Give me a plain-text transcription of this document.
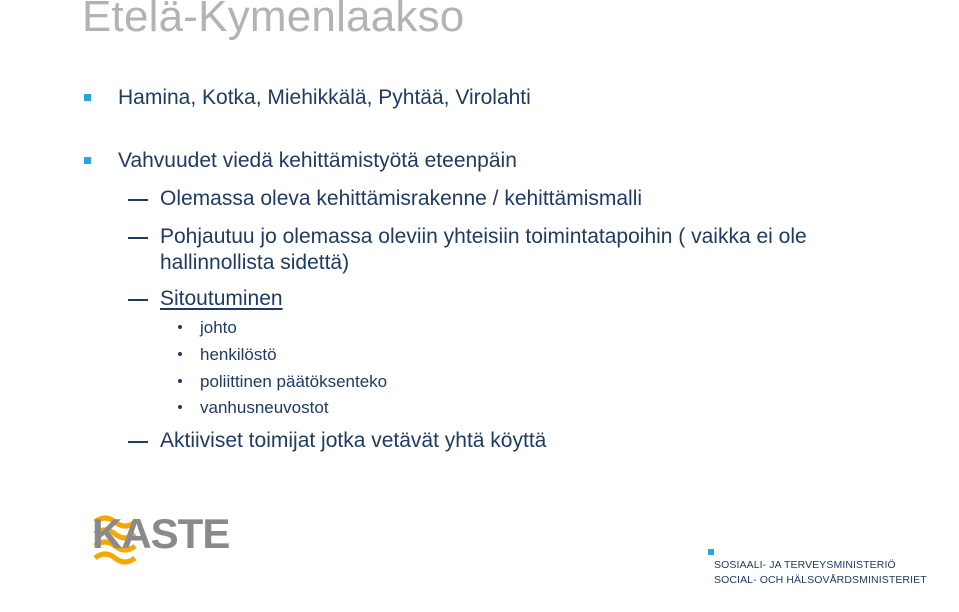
Etelä-Kymenlaakso
Hamina, Kotka, Miehikkälä, Pyhtää, Virolahti
Vahvuudet viedä kehittämistyötä eteenpäin
Olemassa oleva kehittämisrakenne / kehittämismalli
Pohjautuu jo olemassa oleviin yhteisiin toimintatapoihin ( vaikka ei ole hallinnollista sidettä)
Sitoutuminen
johto
henkilöstö
poliittinen päätöksenteko
vanhusneuvostot
Aktiiviset toimijat jotka vetävät yhtä köyttä
KASTE
SOSIAALI- JA TERVEYSMINISTERIÖ
SOCIAL- OCH HÄLSOVÅRDSMINISTERIET
